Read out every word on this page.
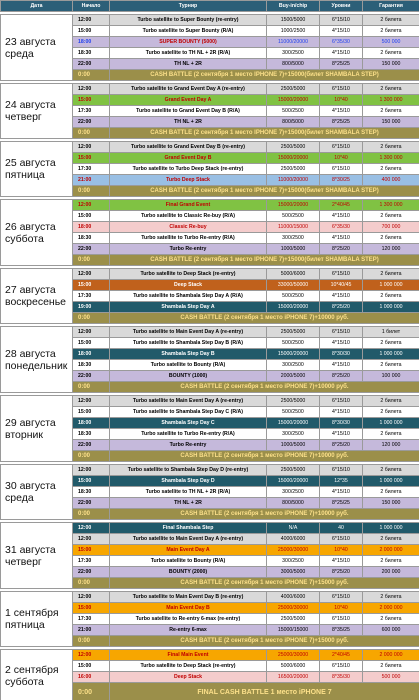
Дата	Начало	Турнир	Buy-in/chip	Уровни	Гарантия

23 августа среда	12:00	Turbo satellite to Super Bounty (re-entry)	1500/5000	6*15/10	2 билета
	15:00	Turbo satellite to Super Bounty (R/A)	1000/2500	4*15/10	2 билета
	18:00	SUPER BOUNTY (5000)	11000/20000	6*35/30	500 000
	18:30	Turbo satellite to TH NL + 2R (R/A)	300/2500	4*15/10	2 билета
	22:00	TH NL + 2R	800/5000	8*25/25	150 000
	0:00	CASH BATTLE (2 сентября 1 место IPHONE 7)+15000(билет SHAMBALA STEP)			

24 августа четверг	12:00	Turbo satellite to Grand Event Day A (re-entry)	2500/5000	6*15/10	2 билета
	15:00	Grand Event Day A	15000/20000	10*40	1 300 000
	17:30	Turbo satellite to Grand Event Day B (R/A)	500/2500	4*15/10	2 билета
	22:00	TH NL + 2R	800/5000	8*25/25	150 000
	0:00	CASH BATTLE (2 сентября 1 место IPHONE 7)+15000(билет SHAMBALA STEP)			

25 августа пятница	12:00	Turbo satellite to Grand Event Day B (re-entry)	2500/5000	6*15/10	2 билета
	15:00	Grand Event Day B	15000/20000	10*40	1 300 000
	17:30	Turbo satellite to Turbo Deep Stack (re-entry)	2500/5000	6*15/10	2 билета
	21:00	Turbo Deep Stack	11000/20000	8*30/25	400 000
	0:00	CASH BATTLE (2 сентября 1 место IPHONE 7)+15000(билет SHAMBALA STEP)			

26 августа суббота	12:00	Final Grand Event	15000/20000	2*40/45	1 300 000
	15:00	Turbo satellite to Classic Re-buy (R/A)	500/2500	4*15/10	2 билета
	18:00	Classic Re-buy	11000/15000	6*35/30	700 000
	18:30	Turbo satellite to Turbo Re-entry (R/A)	300/2500	4*15/10	2 билета
	22:00	Turbo Re-entry	1000/5000	8*25/20	120 000
	0:00	CASH BATTLE (2 сентября 1 место IPHONE 7)+15000(билет SHAMBALA STEP)			

27 августа воскресенье	12:00	Turbo satellite to Deep Stack (re-entry)	5000/6000	6*15/10	2 билета
	15:00	Deep Stack	33000/50000	10*40/45	1 000 000
	17:30	Turbo satellite to Shambala Step Day A (R/A)	500/2500	4*15/10	2 билета
	19:00	Shambala Step Day A	15000/20000	8*25/20	1 000 000
	0:00	CASH BATTLE (2 сентября 1 место iPHONE 7)+10000 руб.			

28 августа понедельник	12:00	Turbo satellite to Main Event Day A (re-entry)	2500/5000	6*15/10	1 билет
	15:00	Turbo satellite to Shambala Step Day B (R/A)	500/2500	4*15/10	2 билета
	18:00	Shambala Step Day B	15000/20000	8*30/30	1 000 000
	18:30	Turbo satellite to Bounty (R/A)	300/2500	4*15/10	2 билета
	22:00	BOUNTY (1000)	2000/5000	8*25/20	100 000
	0:00	CASH BATTLE (2 сентября 1 место iPHONE 7)+10000 руб.			

29 августа вторник	12:00	Turbo satellite to Main Event Day A (re-entry)	2500/5000	6*15/10	2 билета
	15:00	Turbo satellite to Shambala Step Day C (R/A)	500/2500	4*15/10	2 билета
	18:00	Shambala Step Day C	15000/20000	8*30/30	1 000 000
	18:30	Turbo satellite to Turbo Re-entry (R/A)	300/2500	4*15/10	2 билета
	22:00	Turbo Re-entry	1000/5000	8*25/20	120 000
	0:00	CASH BATTLE (2 сентября 1 место iPHONE 7)+10000 руб.			

30 августа среда	12:00	Turbo satellite to Shambala Step Day D (re-entry)	2500/5000	6*15/10	2 билета
	15:00	Shambala Step Day D	15000/20000	12*35	1 000 000
	18:30	Turbo satellite to TH NL + 2R (R/A)	300/2500	4*15/10	2 билета
	22:00	TH NL + 2R	800/5000	8*25/25	150 000
	0:00	CASH BATTLE (2 сентября 1 место iPHONE 7)+10000 руб.			

31 августа четверг	12:00	Final Shambala Step	N/A	40	1 000 000
	12:00	Turbo satellite to Main Event Day A (re-entry)	4000/6000	6*15/10	2 билета
	15:00	Main Event Day A	25000/30000	10*40	2 000 000
	17:30	Turbo satellite to Bounty (R/A)	300/2500	4*15/10	2 билета
	22:00	BOUNTY (2000)	3000/5000	8*25/20	200 000
	0:00	CASH BATTLE (2 сентября 1 место iPHONE 7)+15000 руб.			

1 сентября пятница	12:00	Turbo satellite to Main Event Day B (re-entry)	4000/6000	6*15/10	2 билета
	15:00	Main Event Day B	25000/30000	10*40	2 000 000
	17:30	Turbo satellite to Re-entry 6-max (re-entry)	2500/5000	6*15/10	2 билета
	21:00	Re-entry 6-max	15000/15000	8*35/25	600 000
	0:00	CASH BATTLE (2 сентября 1 место iPHONE 7)+15000 руб.			

2 сентября суббота	12:00	Final Main Event	25000/30000	2*40/45	2 000 000
	15:00	Turbo satellite to Deep Stack (re-entry)	5000/6000	6*15/10	2 билета
	16:00	Deep Stack	16500/20000	8*35/30	500 000
	0:00	FINAL CASH BATTLE 1 место iPHONE 7			
